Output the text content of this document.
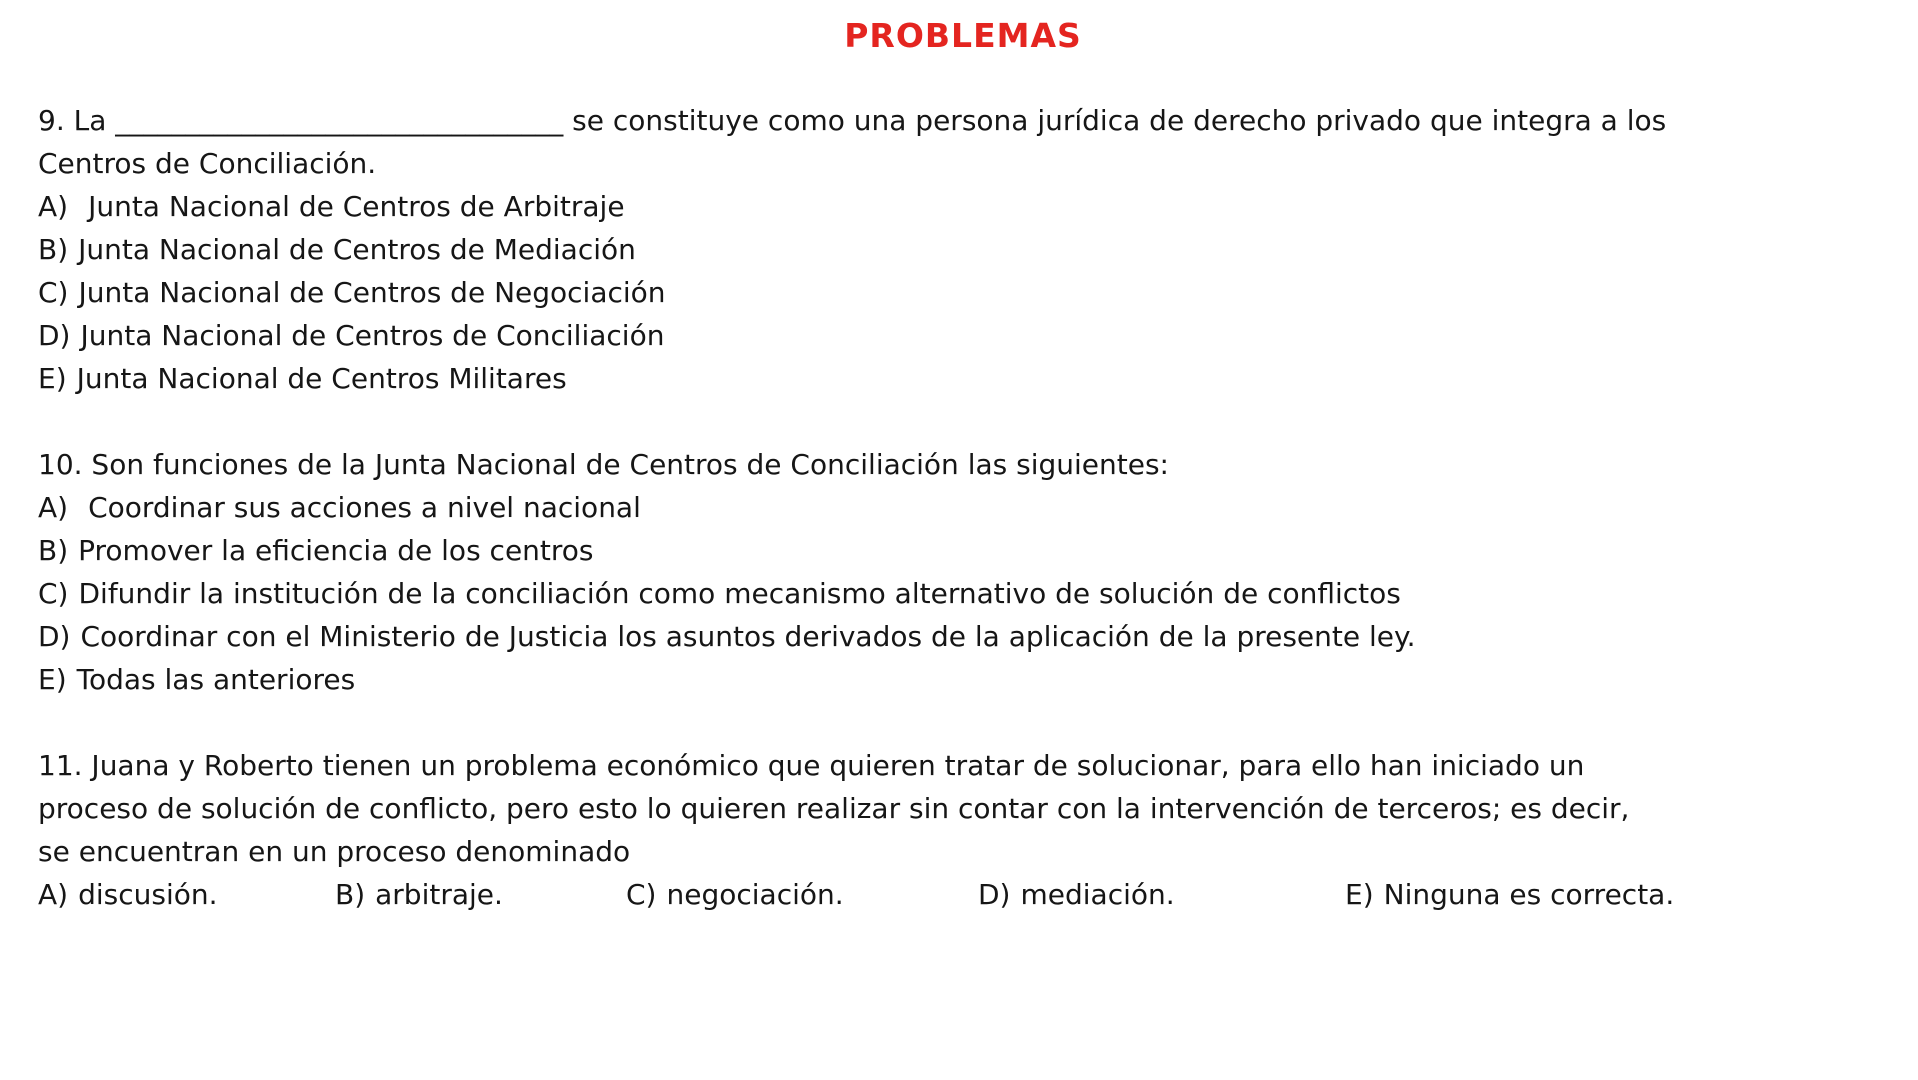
PROBLEMAS
9. La ________________________________ se constituye como una persona jurídica de derecho privado que integra a los
Centros de Conciliación.
A) Junta Nacional de Centros de Arbitraje
B) Junta Nacional de Centros de Mediación
C) Junta Nacional de Centros de Negociación
D) Junta Nacional de Centros de Conciliación
E) Junta Nacional de Centros Militares
10. Son funciones de la Junta Nacional de Centros de Conciliación las siguientes:
A) Coordinar sus acciones a nivel nacional
B) Promover la eficiencia de los centros
C) Difundir la institución de la conciliación como mecanismo alternativo de solución de conflictos
D) Coordinar con el Ministerio de Justicia los asuntos derivados de la aplicación de la presente ley.
E) Todas las anteriores
11. Juana y Roberto tienen un problema económico que quieren tratar de solucionar, para ello han iniciado un
proceso de solución de conflicto, pero esto lo quieren realizar sin contar con la intervención de terceros; es decir,
se encuentran en un proceso denominado
A) discusión.	B) arbitraje.	C) negociación.	D) mediación.	E) Ninguna es correcta.
